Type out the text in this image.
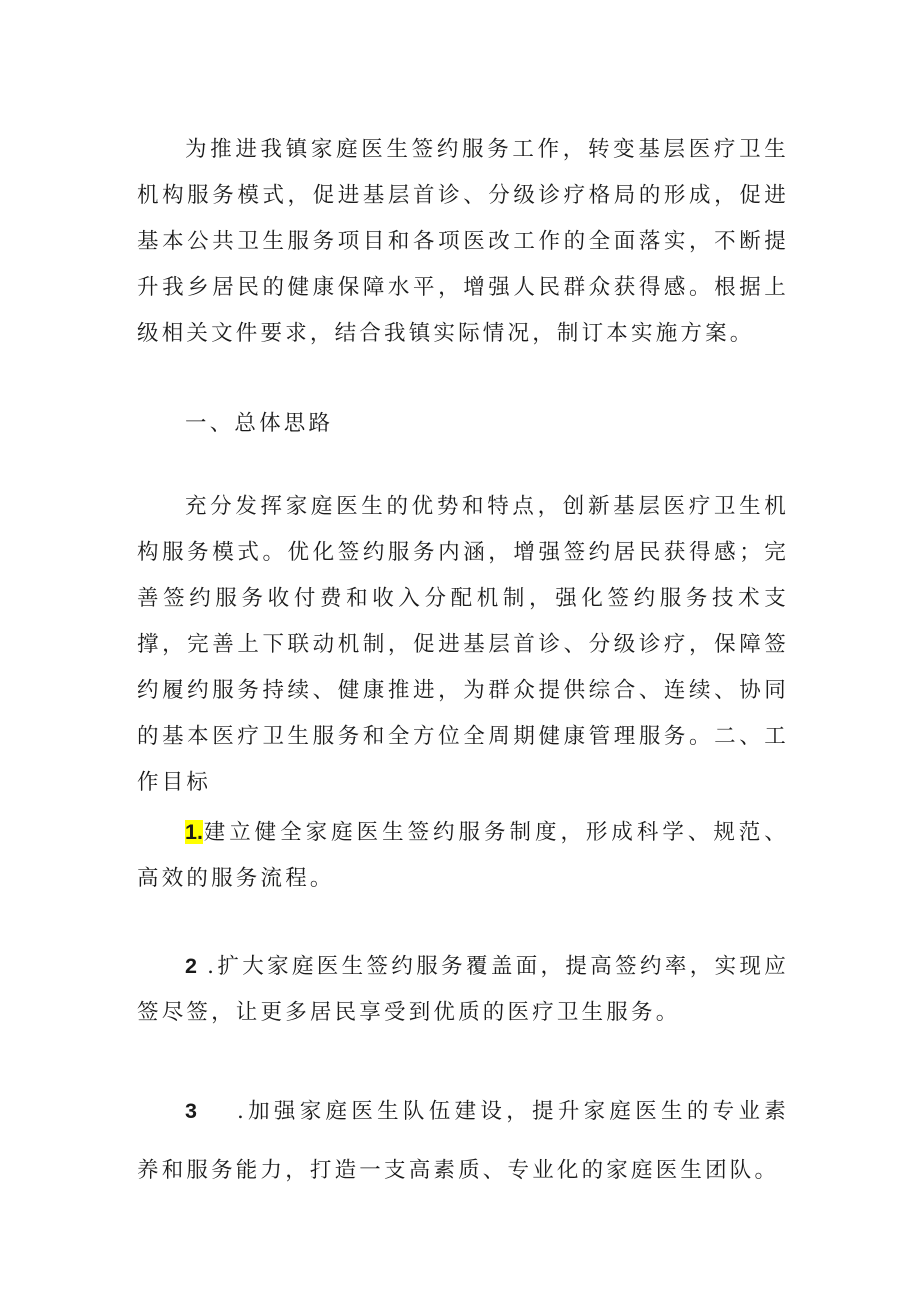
为推进我镇家庭医生签约服务工作，转变基层医疗卫生机构服务模式，促进基层首诊、分级诊疗格局的形成，促进基本公共卫生服务项目和各项医改工作的全面落实，不断提升我乡居民的健康保障水平，增强人民群众获得感。根据上级相关文件要求，结合我镇实际情况，制订本实施方案。

一、总体思路

充分发挥家庭医生的优势和特点，创新基层医疗卫生机构服务模式。优化签约服务内涵，增强签约居民获得感；完善签约服务收付费和收入分配机制，强化签约服务技术支撑，完善上下联动机制，促进基层首诊、分级诊疗，保障签约履约服务持续、健康推进，为群众提供综合、连续、协同的基本医疗卫生服务和全方位全周期健康管理服务。二、工作目标

1.建立健全家庭医生签约服务制度，形成科学、规范、高效的服务流程。

2 .扩大家庭医生签约服务覆盖面，提高签约率，实现应签尽签，让更多居民享受到优质的医疗卫生服务。

3 .加强家庭医生队伍建设，提升家庭医生的专业素养和服务能力，打造一支高素质、专业化的家庭医生团队。
